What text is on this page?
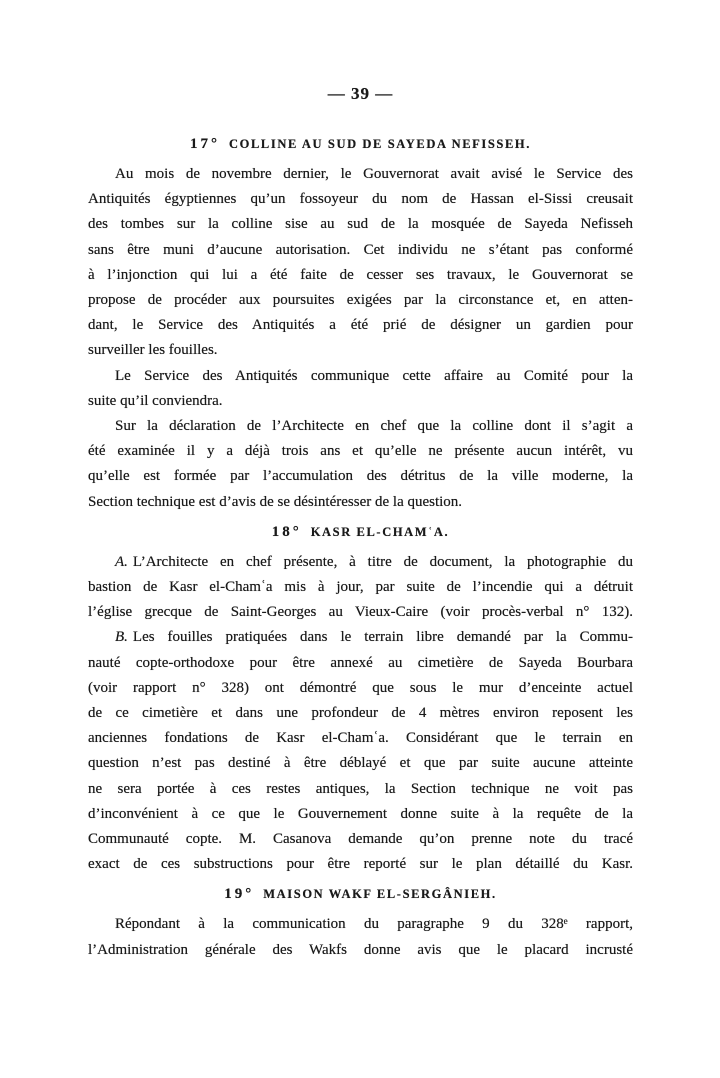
— 39 —
17° COLLINE AU SUD DE SAYEDA NEFISSEH.
Au mois de novembre dernier, le Gouvernorat avait avisé le Service des
Antiquités égyptiennes qu’un fossoyeur du nom de Hassan el-Sissi creusait
des tombes sur la colline sise au sud de la mosquée de Sayeda Nefisseh
sans être muni d’aucune autorisation. Cet individu ne s’étant pas conformé
à l’injonction qui lui a été faite de cesser ses travaux, le Gouvernorat se
propose de procéder aux poursuites exigées par la circonstance et, en atten-
dant, le Service des Antiquités a été prié de désigner un gardien pour
surveiller les fouilles.
Le Service des Antiquités communique cette affaire au Comité pour la
suite qu’il conviendra.
Sur la déclaration de l’Architecte en chef que la colline dont il s’agit a
été examinée il y a déjà trois ans et qu’elle ne présente aucun intérêt, vu
qu’elle est formée par l’accumulation des détritus de la ville moderne, la
Section technique est d’avis de se désintéresser de la question.
18° KASR EL-CHAMʿA.
A. L’Architecte en chef présente, à titre de document, la photographie du
bastion de Kasr el-Chamʿa mis à jour, par suite de l’incendie qui a détruit
l’église grecque de Saint-Georges au Vieux-Caire (voir procès-verbal n° 132).
B. Les fouilles pratiquées dans le terrain libre demandé par la Commu-
nauté copte-orthodoxe pour être annexé au cimetière de Sayeda Bourbara
(voir rapport n° 328) ont démontré que sous le mur d’enceinte actuel
de ce cimetière et dans une profondeur de 4 mètres environ reposent les
anciennes fondations de Kasr el-Chamʿa. Considérant que le terrain en
question n’est pas destiné à être déblayé et que par suite aucune atteinte
ne sera portée à ces restes antiques, la Section technique ne voit pas
d’inconvénient à ce que le Gouvernement donne suite à la requête de la
Communauté copte. M. Casanova demande qu’on prenne note du tracé
exact de ces substructions pour être reporté sur le plan détaillé du Kasr.
19° MAISON WAKF EL-SERGÂNIEH.
Répondant à la communication du paragraphe 9 du 328ᵉ rapport,
l’Administration générale des Wakfs donne avis que le placard incrusté
